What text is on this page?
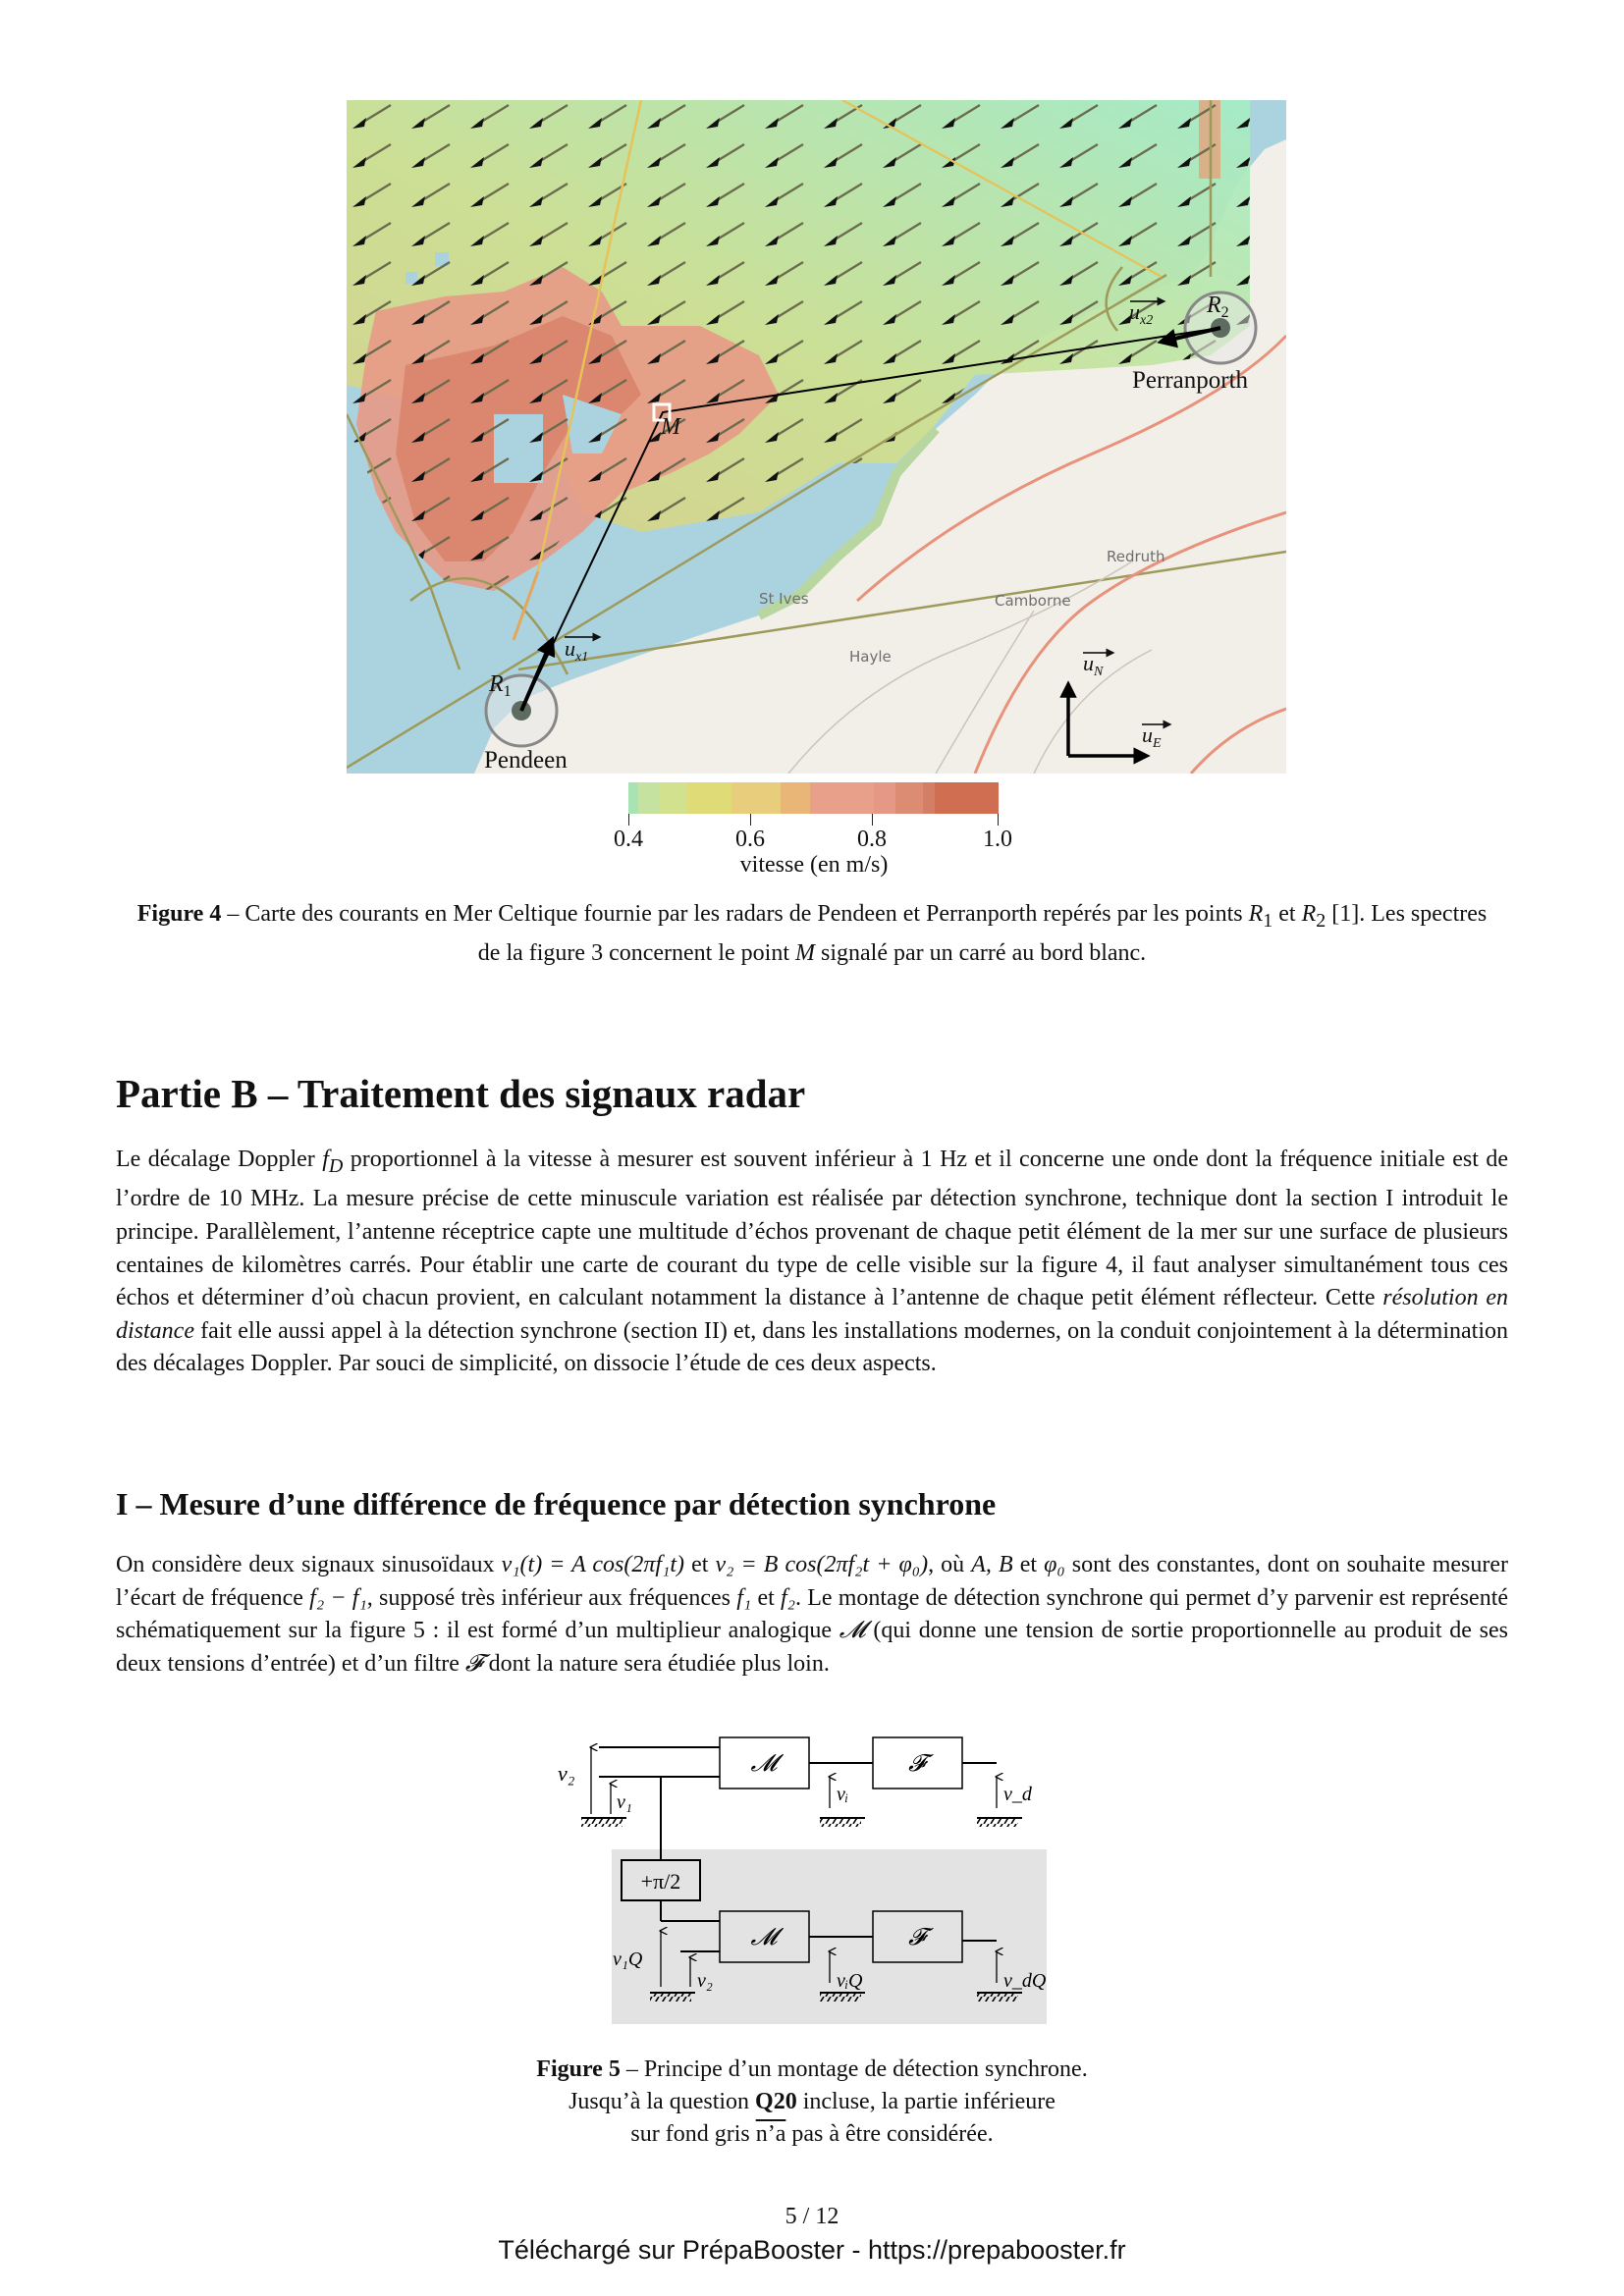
St Ives	Camborne
Redruth
Hayle
$R_1$
$R_2$
M
Pendeen
Perranporth
$u_{x1}$
$u_{x2}$
$u_N$
$u_E$
0.4	0.6	0.8	1.0
vitesse (en m/s)
Figure 4 – Carte des courants en Mer Celtique fournie par les radars de Pendeen et Perranporth repérés par les points $R_1$ et $R_2$ [1]. Les spectres de la figure 3 concernent le point M signalé par un carré au bord blanc.
Partie B – Traitement des signaux radar
Le décalage Doppler $f_D$ proportionnel à la vitesse à mesurer est souvent inférieur à 1 Hz et il concerne une onde dont la fréquence initiale est de l’ordre de 10 MHz. La mesure précise de cette minuscule variation est réalisée par détection synchrone, technique dont la section I introduit le principe. Parallèlement, l’antenne réceptrice capte une multitude d’échos provenant de chaque petit élément de la mer sur une surface de plusieurs centaines de kilomètres carrés. Pour établir une carte de courant du type de celle visible sur la figure 4, il faut analyser simultanément tous ces échos et déterminer d’où chacun provient, en calculant notamment la distance à l’antenne de chaque petit élément réflecteur. Cette résolution en distance fait elle aussi appel à la détection synchrone (section II) et, dans les installations modernes, on la conduit conjointement à la détermination des décalages Doppler. Par souci de simplicité, on dissocie l’étude de ces deux aspects.
I – Mesure d’une différence de fréquence par détection synchrone
On considère deux signaux sinusoïdaux v₁(t) = A cos(2πf₁t) et v₂ = B cos(2πf₂t + φ₀), où A, B et φ₀ sont des constantes, dont on souhaite mesurer l’écart de fréquence f₂ − f₁, supposé très inférieur aux fréquences f₁ et f₂. Le montage de détection synchrone qui permet d’y parvenir est représenté schématiquement sur la figure 5 : il est formé d’un multiplieur analogique 𝓜 (qui donne une tension de sortie proportionnelle au produit de ses deux tensions d’entrée) et d’un filtre 𝓕 dont la nature sera étudiée plus loin.
𝓜	𝓕
v₂
v₁	vᵢ	v_d
+π/2
𝓜	𝓕
v₁Q
v₂	vᵢQ	v_dQ
Figure 5 – Principe d’un montage de détection synchrone.
Jusqu’à la question Q20 incluse, la partie inférieure
sur fond gris n’a pas à être considérée.
5 / 12
Téléchargé sur PrépaBooster - https://prepabooster.fr
